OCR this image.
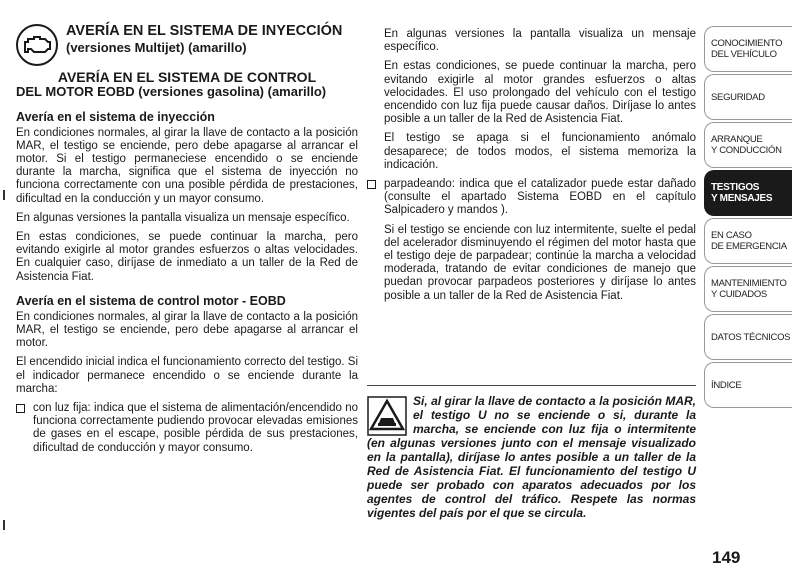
AVERÍA EN EL SISTEMA DE INYECCIÓN
(versiones Multijet) (amarillo)
AVERÍA EN EL SISTEMA DE CONTROL
DEL MOTOR EOBD (versiones gasolina) (amarillo)
Avería en el sistema de inyección

En condiciones normales, al girar la llave de contacto a la posición MAR, el testigo se enciende, pero debe apagarse al arrancar el motor. Si el testigo permaneciese encendido o se enciende durante la marcha, significa que el sistema de inyección no funciona correctamente con una posible pérdida de prestaciones, dificultad en la conducción y un mayor consumo.

En algunas versiones la pantalla visualiza un mensaje específico.

En estas condiciones, se puede continuar la marcha, pero evitando exigirle al motor grandes esfuerzos o altas velocidades. En cualquier caso, diríjase de inmediato a un taller de la Red de Asistencia Fiat.

Avería en el sistema de control motor - EOBD

En condiciones normales, al girar la llave de contacto a la posición MAR, el testigo se enciende, pero debe apagarse al arrancar el motor.

El encendido inicial indica el funcionamiento correcto del testigo. Si el indicador permanece encendido o se enciende durante la marcha:

con luz fija: indica que el sistema de alimentación/encendido no funciona correctamente pudiendo provocar elevadas emisiones de gases en el escape, posible pérdida de sus prestaciones, dificultad de conducción y mayor consumo.

En algunas versiones la pantalla visualiza un mensaje específico.

En estas condiciones, se puede continuar la marcha, pero evitando exigirle al motor grandes esfuerzos o altas velocidades. El uso prolongado del vehículo con el testigo encendido con luz fija puede causar daños. Diríjase lo antes posible a un taller de la Red de Asistencia Fiat.

El testigo se apaga si el funcionamiento anómalo desaparece; de todos modos, el sistema memoriza la indicación.

parpadeando: indica que el catalizador puede estar dañado (consulte el apartado Sistema EOBD en el capítulo Salpicadero y mandos ).

Si el testigo se enciende con luz intermitente, suelte el pedal del acelerador disminuyendo el régimen del motor hasta que el testigo deje de parpadear; continúe la marcha a velocidad moderada, tratando de evitar condiciones de manejo que puedan provocar parpadeos posteriores y diríjase lo antes posible a un taller de la Red de Asistencia Fiat.

Si, al girar la llave de contacto a la posición MAR, el testigo U no se enciende o si, durante la marcha, se enciende con luz fija o intermitente (en algunas versiones junto con el mensaje visualizado en la pantalla), diríjase lo antes posible a un taller de la Red de Asistencia Fiat. El funcionamiento del testigo U puede ser probado con aparatos adecuados por los agentes de control del tráfico. Respete las normas vigentes del país por el que se circula.

CONOCIMIENTO
DEL VEHÍCULO
SEGURIDAD
ARRANQUE
Y CONDUCCIÓN
TESTIGOS
Y MENSAJES
EN CASO
DE EMERGENCIA
MANTENIMIENTO
Y CUIDADOS
DATOS TÉCNICOS
ÍNDICE
149
